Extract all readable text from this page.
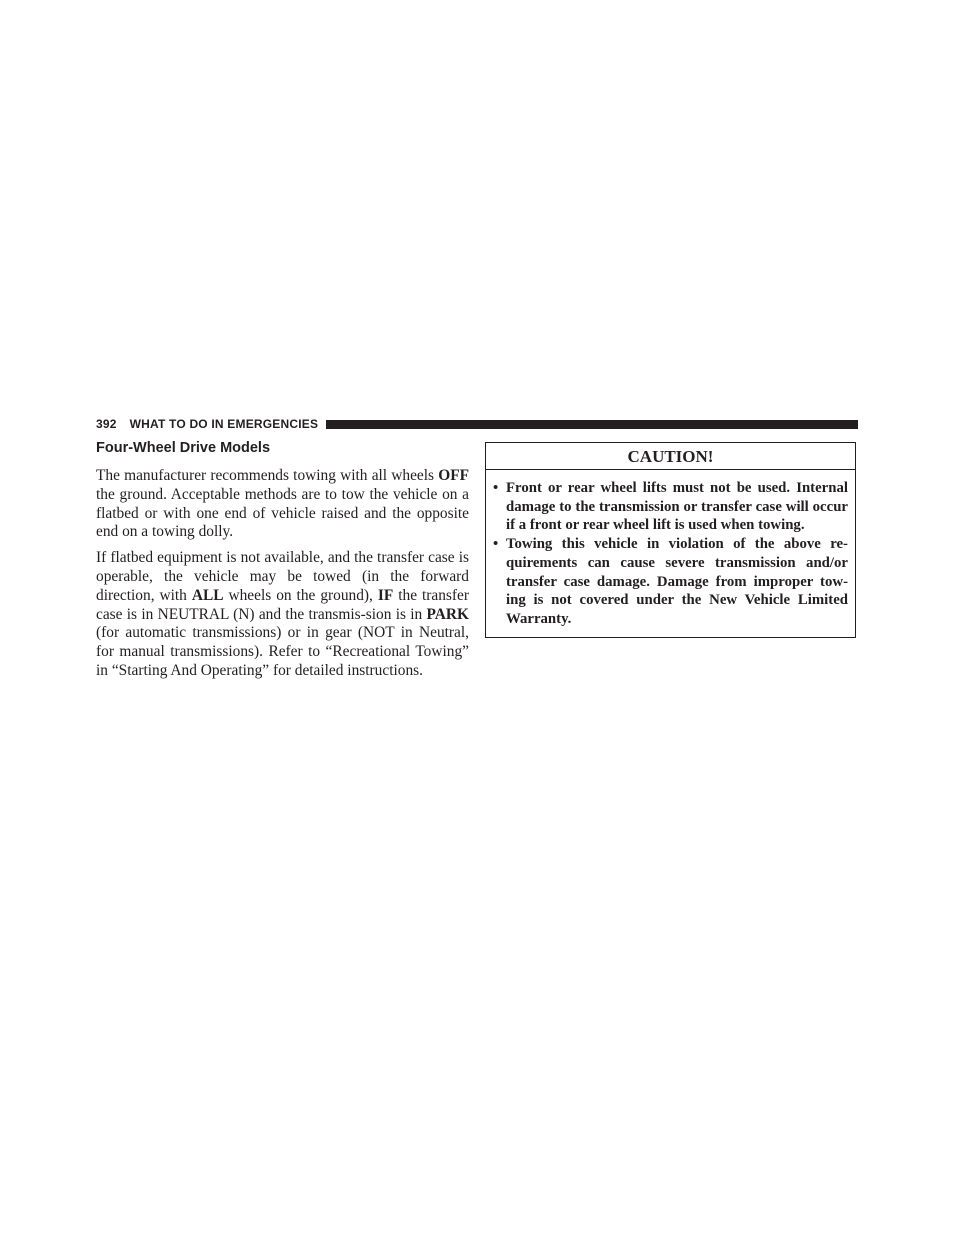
392 WHAT TO DO IN EMERGENCIES
Four-Wheel Drive Models

The manufacturer recommends towing with all wheels OFF the ground. Acceptable methods are to tow the vehicle on a flatbed or with one end of vehicle raised and the opposite end on a towing dolly.

If flatbed equipment is not available, and the transfer case is operable, the vehicle may be towed (in the forward direction, with ALL wheels on the ground), IF the transfer case is in NEUTRAL (N) and the transmis-sion is in PARK (for automatic transmissions) or in gear (NOT in Neutral, for manual transmissions). Refer to “Recreational Towing” in “Starting And Operating” for detailed instructions.

CAUTION!
• Front or rear wheel lifts must not be used. Internal damage to the transmission or transfer case will occur if a front or rear wheel lift is used when towing.
• Towing this vehicle in violation of the above re-quirements can cause severe transmission and/or transfer case damage. Damage from improper tow-ing is not covered under the New Vehicle Limited Warranty.
